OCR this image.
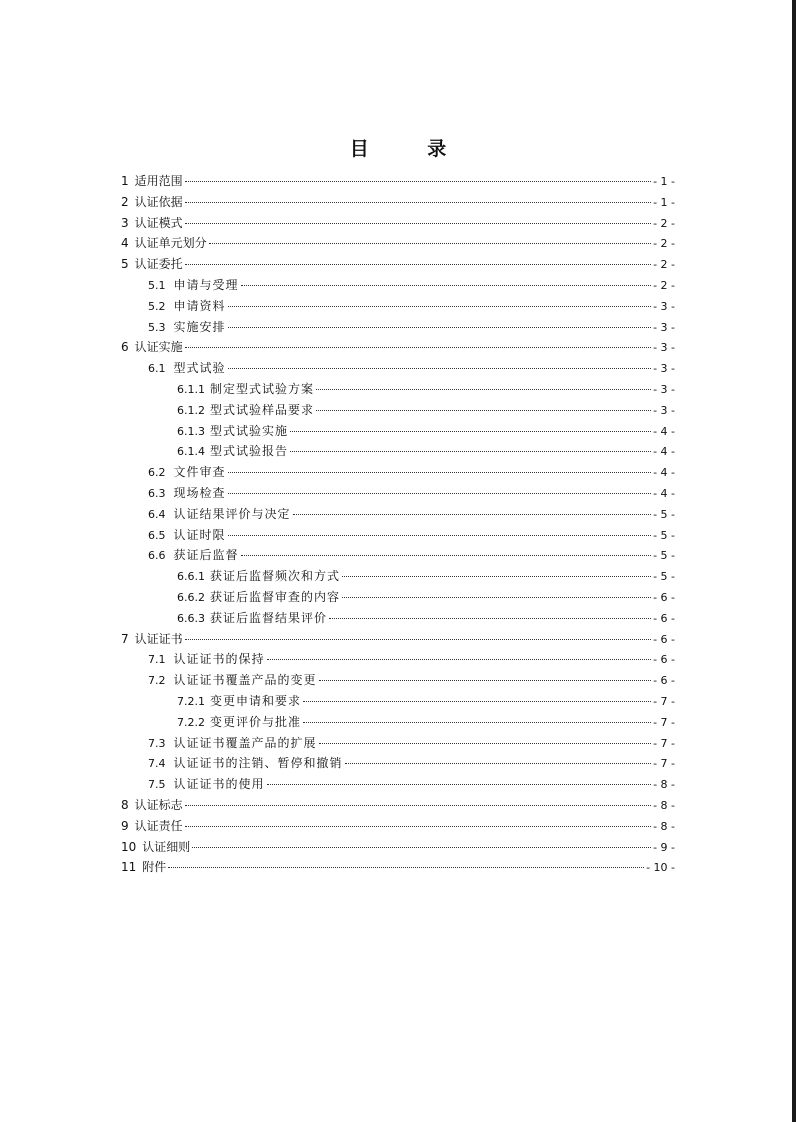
目 录
1 适用范围	- 1 -
2 认证依据	- 1 -
3 认证模式	- 2 -
4 认证单元划分	- 2 -
5 认证委托	- 2 -
5.1 申请与受理	- 2 -
5.2 申请资料	- 3 -
5.3 实施安排	- 3 -
6 认证实施	- 3 -
6.1 型式试验	- 3 -
6.1.1 制定型式试验方案	- 3 -
6.1.2 型式试验样品要求	- 3 -
6.1.3 型式试验实施	- 4 -
6.1.4 型式试验报告	- 4 -
6.2 文件审查	- 4 -
6.3 现场检查	- 4 -
6.4 认证结果评价与决定	- 5 -
6.5 认证时限	- 5 -
6.6 获证后监督	- 5 -
6.6.1 获证后监督频次和方式	- 5 -
6.6.2 获证后监督审查的内容	- 6 -
6.6.3 获证后监督结果评价	- 6 -
7 认证证书	- 6 -
7.1 认证证书的保持	- 6 -
7.2 认证证书覆盖产品的变更	- 6 -
7.2.1 变更申请和要求	- 7 -
7.2.2 变更评价与批准	- 7 -
7.3 认证证书覆盖产品的扩展	- 7 -
7.4 认证证书的注销、暂停和撤销	- 7 -
7.5 认证证书的使用	- 8 -
8 认证标志	- 8 -
9 认证责任	- 8 -
10 认证细则	- 9 -
11 附件	- 10 -
